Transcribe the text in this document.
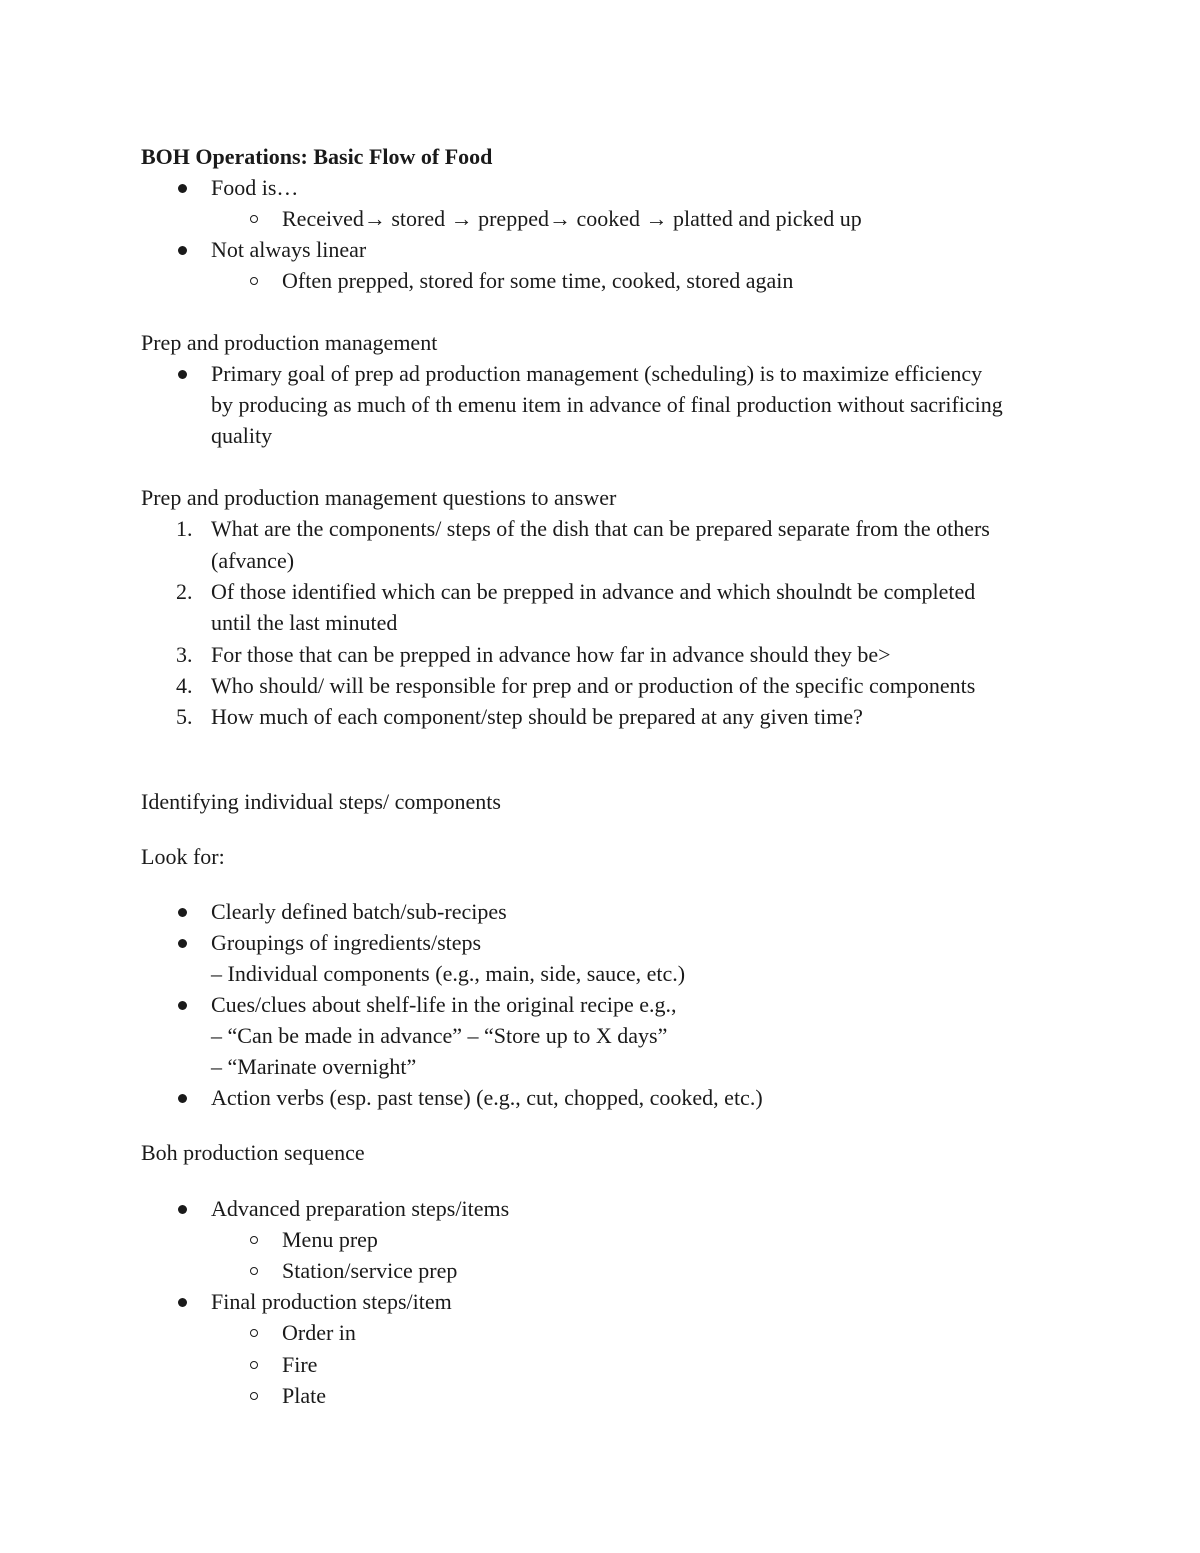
BOH Operations: Basic Flow of Food
Food is…
Received→ stored → prepped→ cooked → platted and picked up
Not always linear
Often prepped, stored for some time, cooked, stored again
Prep and production management
Primary goal of prep ad production management (scheduling) is to maximize efficiency
by producing as much of th emenu item in advance of final production without sacrificing
quality
Prep and production management questions to answer
1. What are the components/ steps of the dish that can be prepared separate from the others
(afvance)
2. Of those identified which can be prepped in advance and which shoulndt be completed
until the last minuted
3. For those that can be prepped in advance how far in advance should they be>
4. Who should/ will be responsible for prep and or production of the specific components
5. How much of each component/step should be prepared at any given time?
Identifying individual steps/ components
Look for:
Clearly defined batch/sub-recipes
Groupings of ingredients/steps
– Individual components (e.g., main, side, sauce, etc.)
Cues/clues about shelf-life in the original recipe e.g.,
– “Can be made in advance” – “Store up to X days”
– “Marinate overnight”
Action verbs (esp. past tense) (e.g., cut, chopped, cooked, etc.)
Boh production sequence
Advanced preparation steps/items
Menu prep
Station/service prep
Final production steps/item
Order in
Fire
Plate
